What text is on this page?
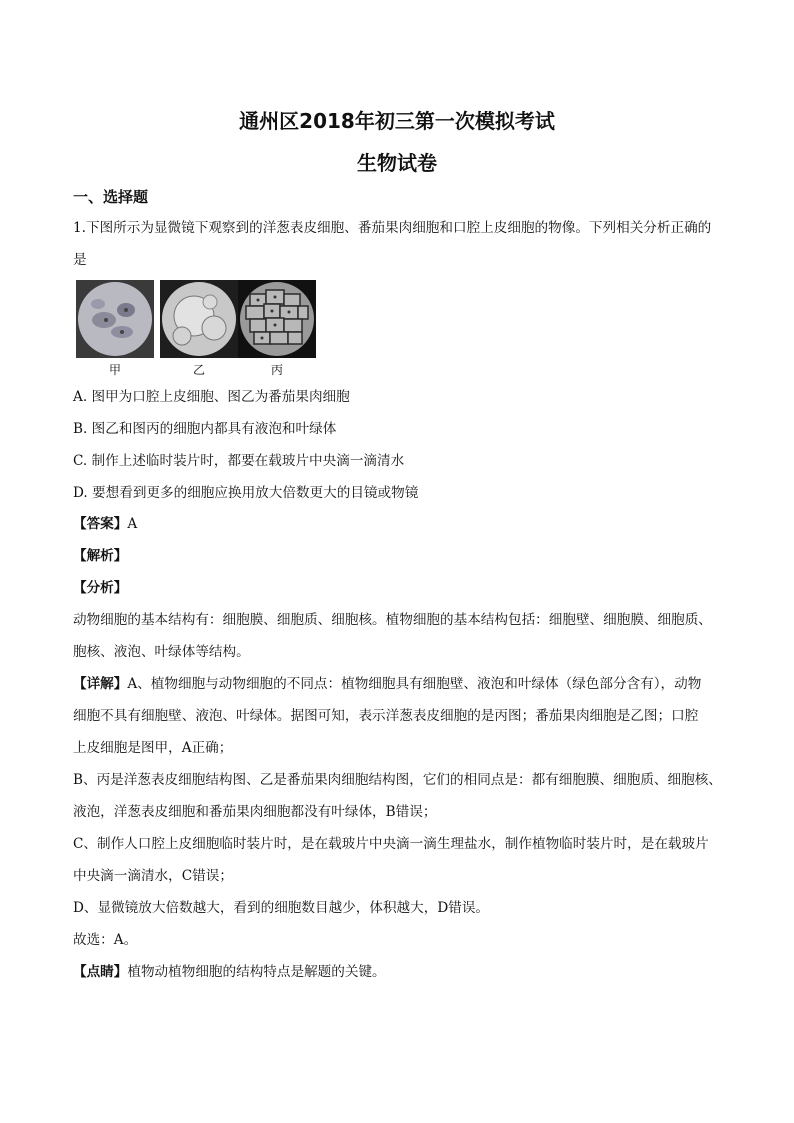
通州区2018年初三第一次模拟考试
生物试卷
一、选择题
1.下图所示为显微镜下观察到的洋葱表皮细胞、番茄果肉细胞和口腔上皮细胞的物像。下列相关分析正确的
是
甲	乙	丙
A. 图甲为口腔上皮细胞、图乙为番茄果肉细胞
B. 图乙和图丙的细胞内都具有液泡和叶绿体
C. 制作上述临时装片时，都要在载玻片中央滴一滴清水
D. 要想看到更多的细胞应换用放大倍数更大的目镜或物镜
【答案】A
【解析】
【分析】
动物细胞的基本结构有：细胞膜、细胞质、细胞核。植物细胞的基本结构包括：细胞壁、细胞膜、细胞质、
胞核、液泡、叶绿体等结构。
【详解】A、植物细胞与动物细胞的不同点：植物细胞具有细胞壁、液泡和叶绿体（绿色部分含有），动物
细胞不具有细胞壁、液泡、叶绿体。据图可知，表示洋葱表皮细胞的是丙图；番茄果肉细胞是乙图；口腔
上皮细胞是图甲，A正确；
B、丙是洋葱表皮细胞结构图、乙是番茄果肉细胞结构图，它们的相同点是：都有细胞膜、细胞质、细胞核、
液泡，洋葱表皮细胞和番茄果肉细胞都没有叶绿体，B错误；
C、制作人口腔上皮细胞临时装片时，是在载玻片中央滴一滴生理盐水，制作植物临时装片时，是在载玻片
中央滴一滴清水，C错误；
D、显微镜放大倍数越大，看到的细胞数目越少，体积越大，D错误。
故选：A。
【点睛】植物动植物细胞的结构特点是解题的关键。
